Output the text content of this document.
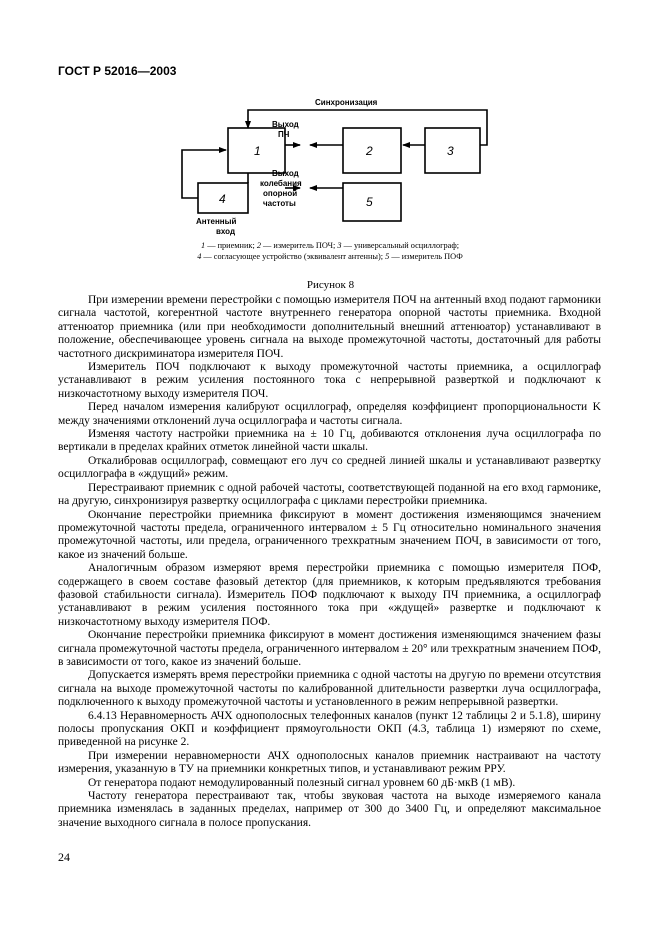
ГОСТ Р 52016—2003
Синхронизация
1	2	3
4	5
Выход
ПЧ
Выход
колебания
опорной
частоты
Антенный
вход
1 — приемник; 2 — измеритель ПОЧ; 3 — универсальный осциллограф;
4 — согласующее устройство (эквивалент антенны); 5 — измеритель ПОФ
Рисунок 8

При измерении времени перестройки с помощью измерителя ПОЧ на антенный вход подают гармоники сигнала частотой, когерентной частоте внутреннего генератора опорной частоты приемника. Входной аттенюатор приемника (или при необходимости дополнительный внешний аттенюатор) устанавливают в положение, обеспечивающее уровень сигнала на выходе промежуточной частоты, достаточный для работы частотного дискриминатора измерителя ПОЧ.

Измеритель ПОЧ подключают к выходу промежуточной частоты приемника, а осциллограф устанавливают в режим усиления постоянного тока с непрерывной разверткой и подключают к низкочастотному выходу измерителя ПОЧ.

Перед началом измерения калибруют осциллограф, определяя коэффициент пропорциональности K между значениями отклонений луча осциллографа и частоты сигнала.

Изменяя частоту настройки приемника на ± 10 Гц, добиваются отклонения луча осциллографа по вертикали в пределах крайних отметок линейной части шкалы.

Откалибровав осциллограф, совмещают его луч со средней линией шкалы и устанавливают развертку осциллографа в «ждущий» режим.

Перестраивают приемник с одной рабочей частоты, соответствующей поданной на его вход гармонике, на другую, синхронизируя развертку осциллографа с циклами перестройки приемника.

Окончание перестройки приемника фиксируют в момент достижения изменяющимся значением промежуточной частоты предела, ограниченного интервалом ± 5 Гц относительно номинального значения промежуточной частоты, или предела, ограниченного трехкратным значением ПОЧ, в зависимости от того, какое из значений больше.

Аналогичным образом измеряют время перестройки приемника с помощью измерителя ПОФ, содержащего в своем составе фазовый детектор (для приемников, к которым предъявляются требования фазовой стабильности сигнала). Измеритель ПОФ подключают к выходу ПЧ приемника, а осциллограф устанавливают в режим усиления постоянного тока при «ждущей» развертке и подключают к низкочастотному выходу измерителя ПОФ.

Окончание перестройки приемника фиксируют в момент достижения изменяющимся значением фазы сигнала промежуточной частоты предела, ограниченного интервалом ± 20° или трехкратным значением ПОФ, в зависимости от того, какое из значений больше.

Допускается измерять время перестройки приемника с одной частоты на другую по времени отсутствия сигнала на выходе промежуточной частоты по калиброванной длительности развертки луча осциллографа, подключенного к выходу промежуточной частоты и установленного в режим непрерывной развертки.

6.4.13 Неравномерность АЧХ однополосных телефонных каналов (пункт 12 таблицы 2 и 5.1.8), ширину полосы пропускания ОКП и коэффициент прямоугольности ОКП (4.3, таблица 1) измеряют по схеме, приведенной на рисунке 2.

При измерении неравномерности АЧХ однополосных каналов приемник настраивают на частоту измерения, указанную в ТУ на приемники конкретных типов, и устанавливают режим РРУ.

От генератора подают немодулированный полезный сигнал уровнем 60 дБ·мкВ (1 мВ).

Частоту генератора перестраивают так, чтобы звуковая частота на выходе измеряемого канала приемника изменялась в заданных пределах, например от 300 до 3400 Гц, и определяют максимальное значение выходного сигнала в полосе пропускания.

24
